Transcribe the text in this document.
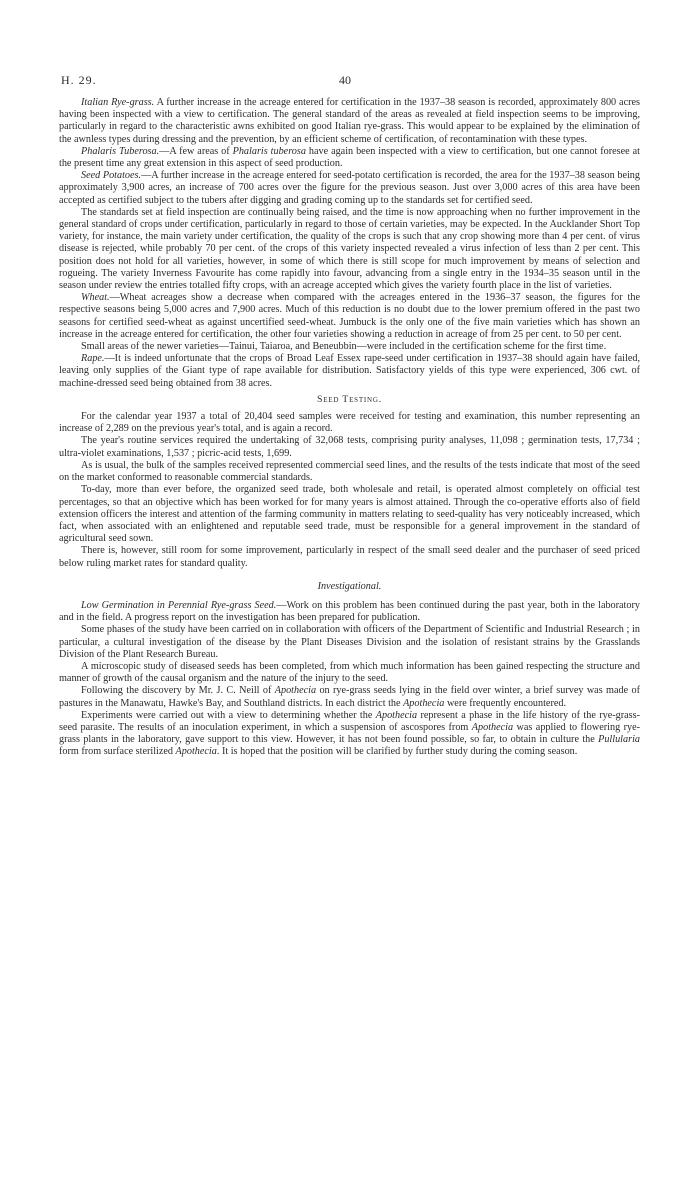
H. 29.	40

Italian Rye-grass. A further increase in the acreage entered for certification in the 1937–38 season is recorded, approximately 800 acres having been inspected with a view to certification. The general standard of the areas as revealed at field inspection seems to be improving, particularly in regard to the characteristic awns exhibited on good Italian rye-grass. This would appear to be explained by the elimination of the awnless types during dressing and the prevention, by an efficient scheme of certification, of recontamination with these types.

Phalaris Tuberosa.—A few areas of Phalaris tuberosa have again been inspected with a view to certification, but one cannot foresee at the present time any great extension in this aspect of seed production.

Seed Potatoes.—A further increase in the acreage entered for seed-potato certification is recorded, the area for the 1937–38 season being approximately 3,900 acres, an increase of 700 acres over the figure for the previous season. Just over 3,000 acres of this area have been accepted as certified subject to the tubers after digging and grading coming up to the standards set for certified seed.

The standards set at field inspection are continually being raised, and the time is now approaching when no further improvement in the general standard of crops under certification, particularly in regard to those of certain varieties, may be expected. In the Aucklander Short Top variety, for instance, the main variety under certification, the quality of the crops is such that any crop showing more than 4 per cent. of virus disease is rejected, while probably 70 per cent. of the crops of this variety inspected revealed a virus infection of less than 2 per cent. This position does not hold for all varieties, however, in some of which there is still scope for much improvement by means of selection and rogueing. The variety Inverness Favourite has come rapidly into favour, advancing from a single entry in the 1934–35 season until in the season under review the entries totalled fifty crops, with an acreage accepted which gives the variety fourth place in the list of varieties.

Wheat.—Wheat acreages show a decrease when compared with the acreages entered in the 1936–37 season, the figures for the respective seasons being 5,000 acres and 7,900 acres. Much of this reduction is no doubt due to the lower premium offered in the past two seasons for certified seed-wheat as against uncertified seed-wheat. Jumbuck is the only one of the five main varieties which has shown an increase in the acreage entered for certification, the other four varieties showing a reduction in acreage of from 25 per cent. to 50 per cent.

Small areas of the newer varieties—Tainui, Taiaroa, and Beneubbin—were included in the certification scheme for the first time.

Rape.—It is indeed unfortunate that the crops of Broad Leaf Essex rape-seed under certification in 1937–38 should again have failed, leaving only supplies of the Giant type of rape available for distribution. Satisfactory yields of this type were experienced, 306 cwt. of machine-dressed seed being obtained from 38 acres.

Seed Testing.

For the calendar year 1937 a total of 20,404 seed samples were received for testing and examination, this number representing an increase of 2,289 on the previous year's total, and is again a record.

The year's routine services required the undertaking of 32,068 tests, comprising purity analyses, 11,098 ; germination tests, 17,734 ; ultra-violet examinations, 1,537 ; picric-acid tests, 1,699.

As is usual, the bulk of the samples received represented commercial seed lines, and the results of the tests indicate that most of the seed on the market conformed to reasonable commercial standards.

To-day, more than ever before, the organized seed trade, both wholesale and retail, is operated almost completely on official test percentages, so that an objective which has been worked for for many years is almost attained. Through the co-operative efforts also of field extension officers the interest and attention of the farming community in matters relating to seed-quality has very noticeably increased, which fact, when associated with an enlightened and reputable seed trade, must be responsible for a general improvement in the standard of agricultural seed sown.

There is, however, still room for some improvement, particularly in respect of the small seed dealer and the purchaser of seed priced below ruling market rates for standard quality.

Investigational.

Low Germination in Perennial Rye-grass Seed.—Work on this problem has been continued during the past year, both in the laboratory and in the field. A progress report on the investigation has been prepared for publication.

Some phases of the study have been carried on in collaboration with officers of the Department of Scientific and Industrial Research ; in particular, a cultural investigation of the disease by the Plant Diseases Division and the isolation of resistant strains by the Grasslands Division of the Plant Research Bureau.

A microscopic study of diseased seeds has been completed, from which much information has been gained respecting the structure and manner of growth of the causal organism and the nature of the injury to the seed.

Following the discovery by Mr. J. C. Neill of Apothecia on rye-grass seeds lying in the field over winter, a brief survey was made of pastures in the Manawatu, Hawke's Bay, and Southland districts. In each district the Apothecia were frequently encountered.

Experiments were carried out with a view to determining whether the Apothecia represent a phase in the life history of the rye-grass-seed parasite. The results of an inoculation experiment, in which a suspension of ascospores from Apothecia was applied to flowering rye-grass plants in the laboratory, gave support to this view. However, it has not been found possible, so far, to obtain in culture the Pullularia form from surface sterilized Apothecia. It is hoped that the position will be clarified by further study during the coming season.
